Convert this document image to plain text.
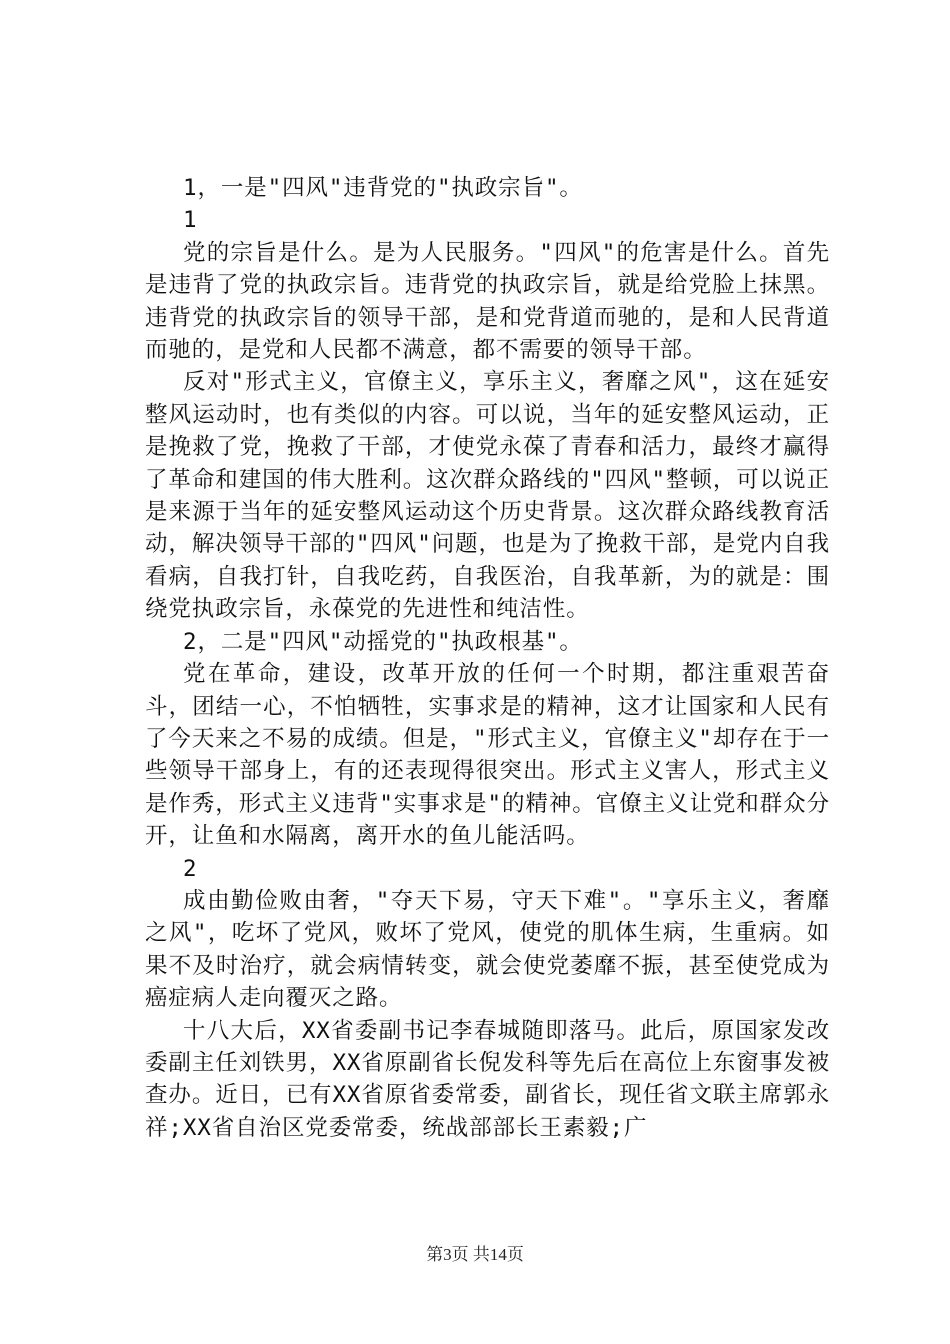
1，一是"四风"违背党的"执政宗旨"。

1

党的宗旨是什么。是为人民服务。"四风"的危害是什么。首先是违背了党的执政宗旨。违背党的执政宗旨，就是给党脸上抹黑。违背党的执政宗旨的领导干部，是和党背道而驰的，是和人民背道而驰的，是党和人民都不满意，都不需要的领导干部。

反对"形式主义，官僚主义，享乐主义，奢靡之风"，这在延安整风运动时，也有类似的内容。可以说，当年的延安整风运动，正是挽救了党，挽救了干部，才使党永葆了青春和活力，最终才赢得了革命和建国的伟大胜利。这次群众路线的"四风"整顿，可以说正是来源于当年的延安整风运动这个历史背景。这次群众路线教育活动，解决领导干部的"四风"问题，也是为了挽救干部，是党内自我看病，自我打针，自我吃药，自我医治，自我革新，为的就是：围绕党执政宗旨，永葆党的先进性和纯洁性。

2，二是"四风"动摇党的"执政根基"。

党在革命，建设，改革开放的任何一个时期，都注重艰苦奋斗，团结一心，不怕牺牲，实事求是的精神，这才让国家和人民有了今天来之不易的成绩。但是，"形式主义，官僚主义"却存在于一些领导干部身上，有的还表现得很突出。形式主义害人，形式主义是作秀，形式主义违背"实事求是"的精神。官僚主义让党和群众分开，让鱼和水隔离，离开水的鱼儿能活吗。

2

成由勤俭败由奢，"夺天下易，守天下难"。"享乐主义，奢靡之风"，吃坏了党风，败坏了党风，使党的肌体生病，生重病。如果不及时治疗，就会病情转变，就会使党萎靡不振，甚至使党成为癌症病人走向覆灭之路。

十八大后，XX省委副书记李春城随即落马。此后，原国家发改委副主任刘铁男，XX省原副省长倪发科等先后在高位上东窗事发被查办。近日，已有XX省原省委常委，副省长，现任省文联主席郭永祥;XX省自治区党委常委，统战部部长王素毅;广

第3页 共14页
